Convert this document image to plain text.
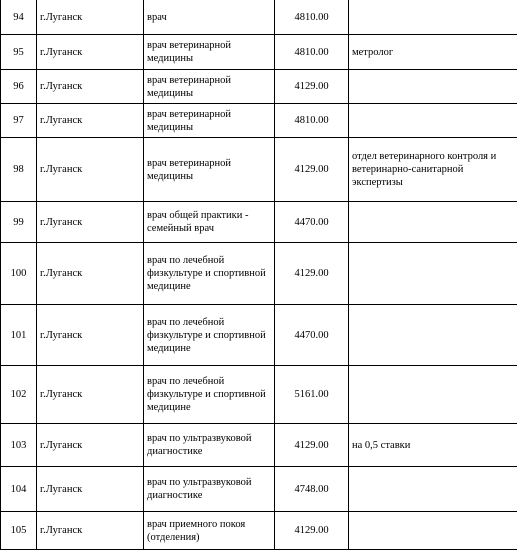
94	г.Луганск	врач	4810.00	
95	г.Луганск	врач ветеринарной медицины	4810.00	метролог
96	г.Луганск	врач ветеринарной медицины	4129.00	
97	г.Луганск	врач ветеринарной медицины	4810.00	
98	г.Луганск	врач ветеринарной медицины	4129.00	отдел ветеринарного контроля и ветеринарно-санитарной экспертизы
99	г.Луганск	врач общей практики - семейный врач	4470.00	
100	г.Луганск	врач по лечебной физкультуре и спортивной медицине	4129.00	
101	г.Луганск	врач по лечебной физкультуре и спортивной медицине	4470.00	
102	г.Луганск	врач по лечебной физкультуре и спортивной медицине	5161.00	
103	г.Луганск	врач по ультразвуковой диагностике	4129.00	на 0,5 ставки
104	г.Луганск	врач по ультразвуковой диагностике	4748.00	
105	г.Луганск	врач приемного покоя (отделения)	4129.00	
